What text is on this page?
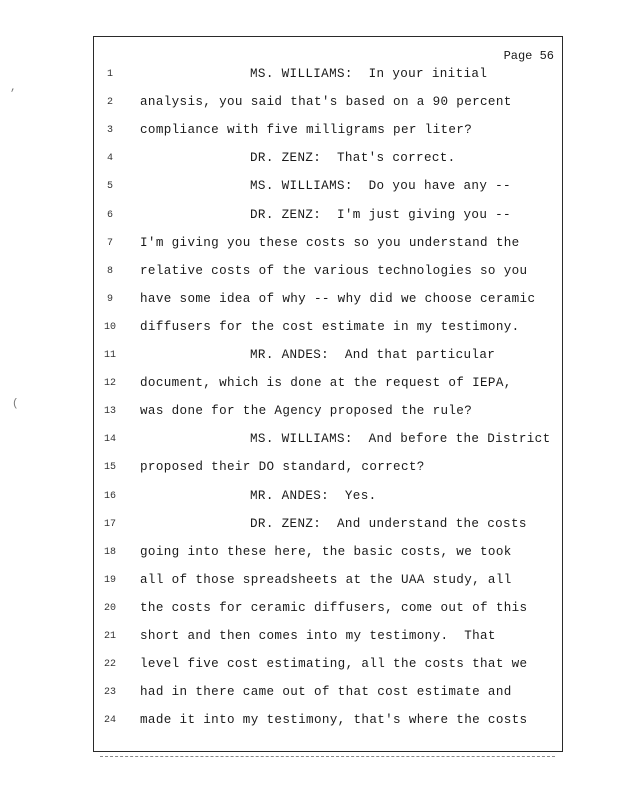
Page 56
1	MS. WILLIAMS:  In your initial
2	analysis, you said that's based on a 90 percent
3	compliance with five milligrams per liter?
4	DR. ZENZ:  That's correct.
5	MS. WILLIAMS:  Do you have any --
6	DR. ZENZ:  I'm just giving you --
7	I'm giving you these costs so you understand the
8	relative costs of the various technologies so you
9	have some idea of why -- why did we choose ceramic
10	diffusers for the cost estimate in my testimony.
11	MR. ANDES:  And that particular
12	document, which is done at the request of IEPA,
13	was done for the Agency proposed the rule?
14	MS. WILLIAMS:  And before the District
15	proposed their DO standard, correct?
16	MR. ANDES:  Yes.
17	DR. ZENZ:  And understand the costs
18	going into these here, the basic costs, we took
19	all of those spreadsheets at the UAA study, all
20	the costs for ceramic diffusers, come out of this
21	short and then comes into my testimony.  That
22	level five cost estimating, all the costs that we
23	had in there came out of that cost estimate and
24	made it into my testimony, that's where the costs
,
(
